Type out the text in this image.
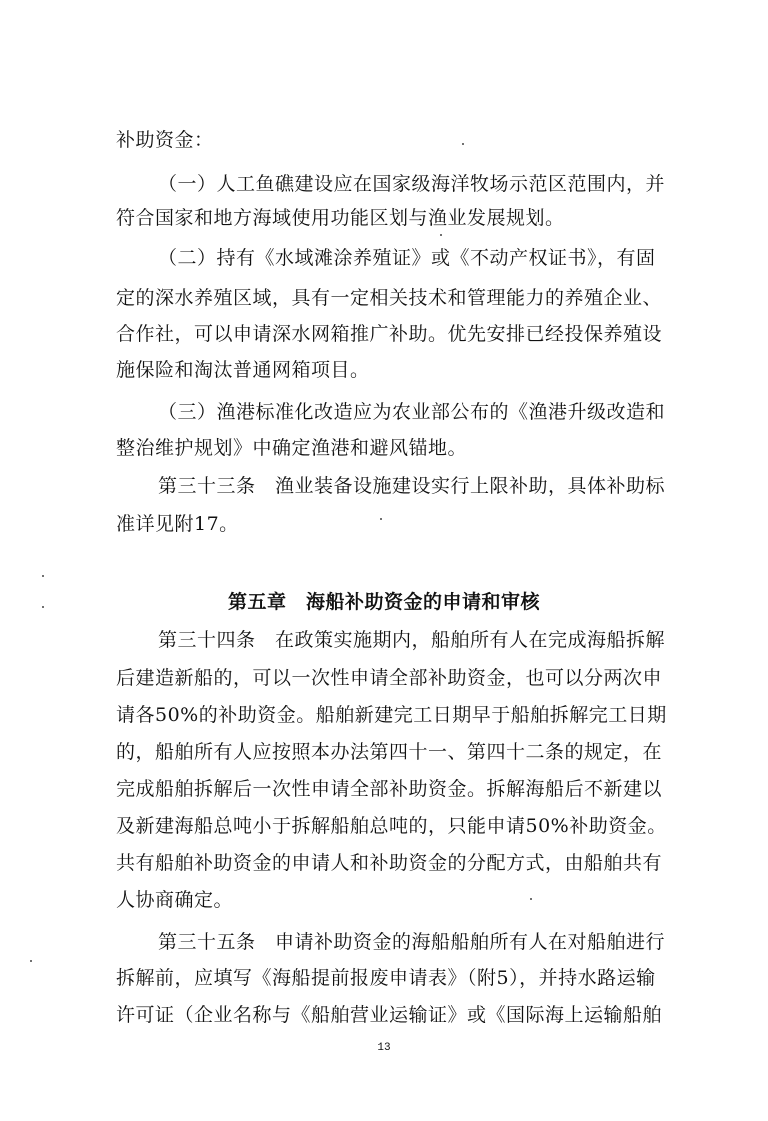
补助资金：
（一）人工鱼礁建设应在国家级海洋牧场示范区范围内，并
符合国家和地方海域使用功能区划与渔业发展规划。
（二）持有《水域滩涂养殖证》或《不动产权证书》，有固
定的深水养殖区域，具有一定相关技术和管理能力的养殖企业、
合作社，可以申请深水网箱推广补助。优先安排已经投保养殖设
施保险和淘汰普通网箱项目。
（三）渔港标准化改造应为农业部公布的《渔港升级改造和
整治维护规划》中确定渔港和避风锚地。
第三十三条　渔业装备设施建设实行上限补助，具体补助标
准详见附17。
第五章　海船补助资金的申请和审核
第三十四条　在政策实施期内，船舶所有人在完成海船拆解
后建造新船的，可以一次性申请全部补助资金，也可以分两次申
请各50%的补助资金。船舶新建完工日期早于船舶拆解完工日期
的，船舶所有人应按照本办法第四十一、第四十二条的规定，在
完成船舶拆解后一次性申请全部补助资金。拆解海船后不新建以
及新建海船总吨小于拆解船舶总吨的，只能申请50%补助资金。
共有船舶补助资金的申请人和补助资金的分配方式，由船舶共有
人协商确定。
第三十五条　申请补助资金的海船船舶所有人在对船舶进行
拆解前，应填写《海船提前报废申请表》（附5），并持水路运输
许可证（企业名称与《船舶营业运输证》或《国际海上运输船舶
13
